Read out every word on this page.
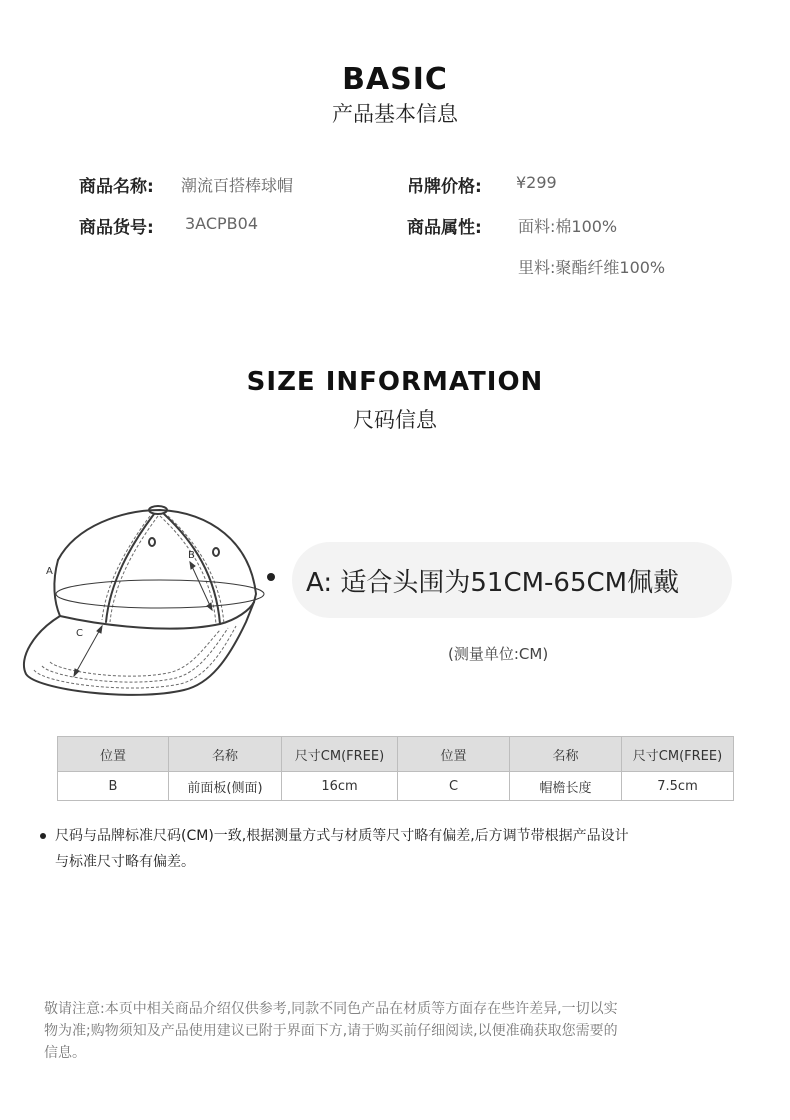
BASIC
产品基本信息
商品名称: 潮流百搭棒球帽	吊牌价格: ¥299
商品货号: 3ACPB04	商品属性: 面料:棉100%
里料:聚酯纤维100%
SIZE INFORMATION
尺码信息
A
B
C
A: 适合头围为51CM-65CM佩戴
(测量单位:CM)
位置	名称	尺寸CM(FREE)	位置	名称	尺寸CM(FREE)
B	前面板(侧面)	16cm	C	帽檐长度	7.5cm
尺码与品牌标准尺码(CM)一致,根据测量方式与材质等尺寸略有偏差,后方调节带根据产品设计
与标准尺寸略有偏差。
敬请注意:本页中相关商品介绍仅供参考,同款不同色产品在材质等方面存在些许差异,一切以实
物为准;购物须知及产品使用建议已附于界面下方,请于购买前仔细阅读,以便准确获取您需要的
信息。
